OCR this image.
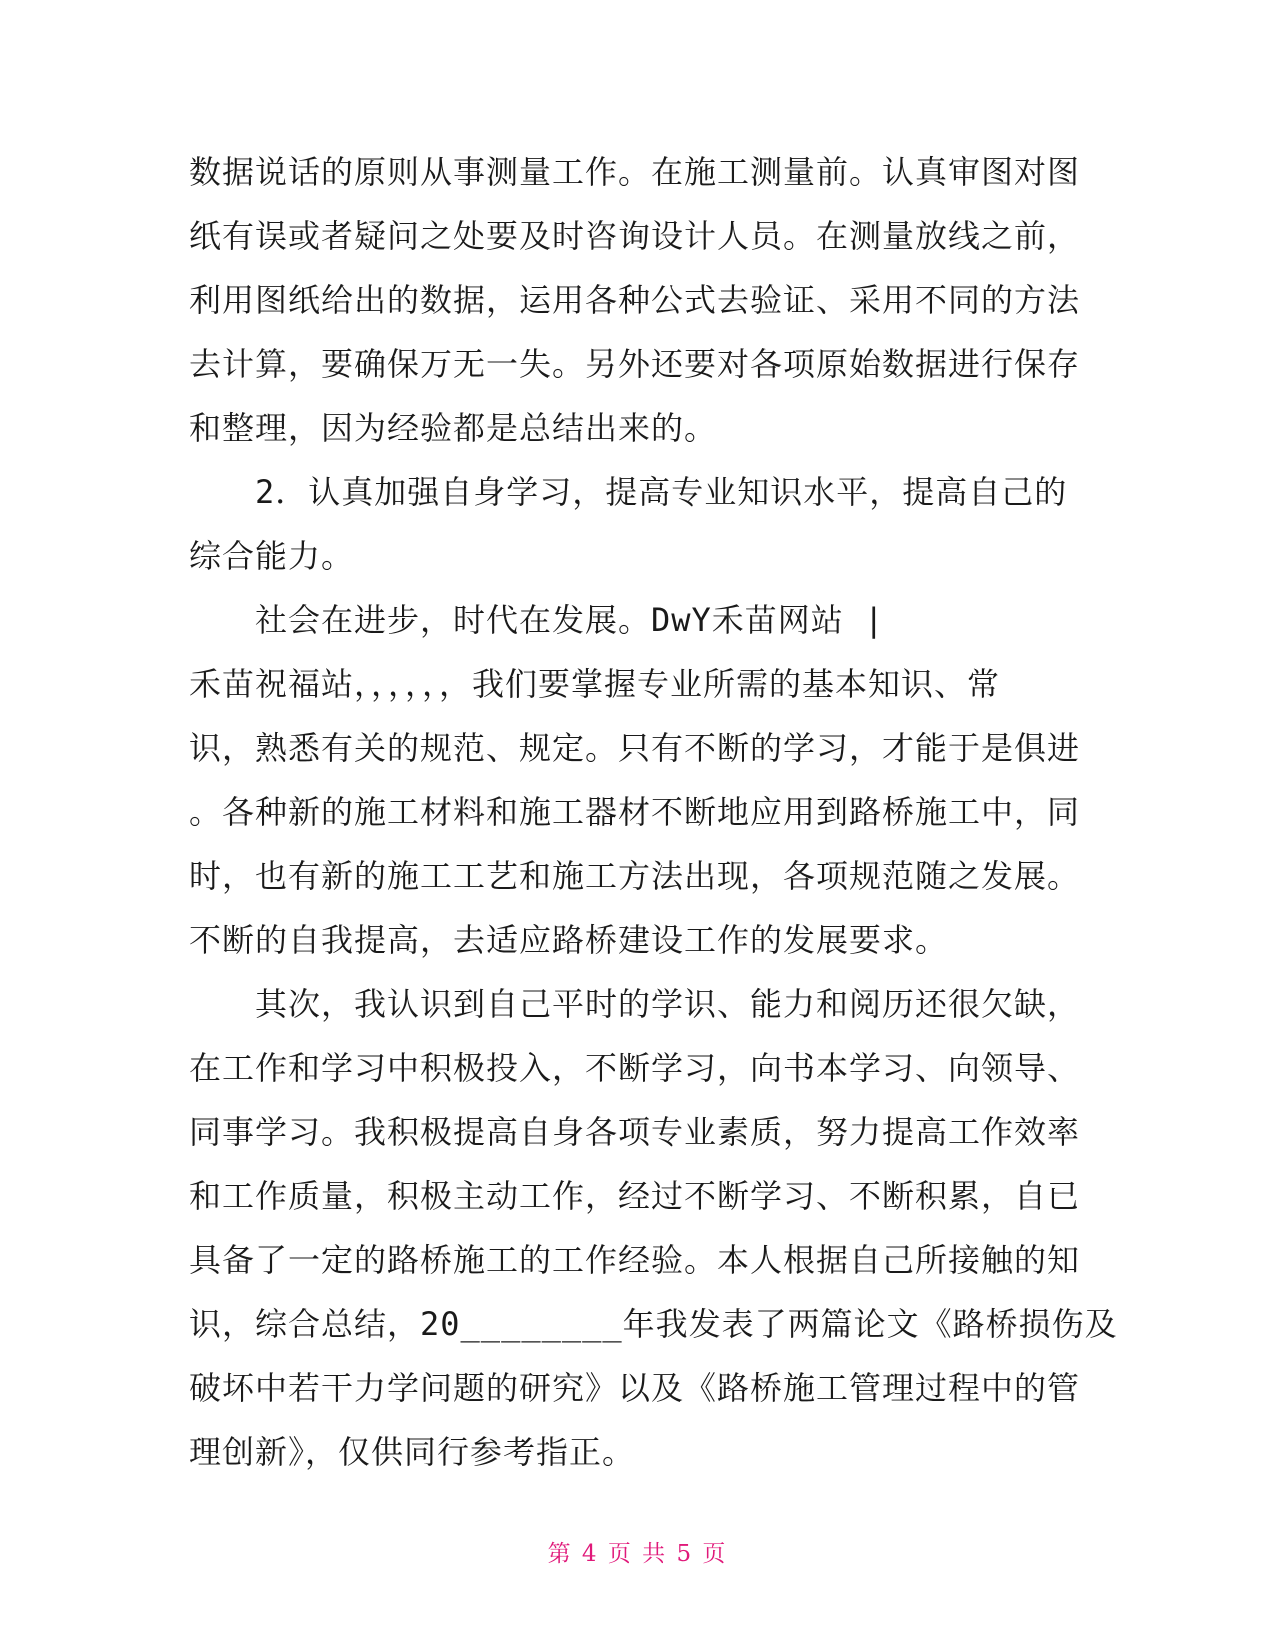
数据说话的原则从事测量工作。在施工测量前。认真审图对图
纸有误或者疑问之处要及时咨询设计人员。在测量放线之前，
利用图纸给出的数据，运用各种公式去验证、采用不同的方法
去计算，要确保万无一失。另外还要对各项原始数据进行保存
和整理，因为经验都是总结出来的。
　　2．认真加强自身学习，提高专业知识水平，提高自己的
综合能力。
　　社会在进步，时代在发展。DwY禾苗网站 |
禾苗祝福站，，，，，，我们要掌握专业所需的基本知识、常
识，熟悉有关的规范、规定。只有不断的学习，才能于是俱进
。各种新的施工材料和施工器材不断地应用到路桥施工中，同
时，也有新的施工工艺和施工方法出现，各项规范随之发展。
不断的自我提高，去适应路桥建设工作的发展要求。
　　其次，我认识到自己平时的学识、能力和阅历还很欠缺，
在工作和学习中积极投入，不断学习，向书本学习、向领导、
同事学习。我积极提高自身各项专业素质，努力提高工作效率
和工作质量，积极主动工作，经过不断学习、不断积累，自已
具备了一定的路桥施工的工作经验。本人根据自己所接触的知
识，综合总结，20________年我发表了两篇论文《路桥损伤及
破坏中若干力学问题的研究》以及《路桥施工管理过程中的管
理创新》，仅供同行参考指正。
第 4 页 共 5 页
